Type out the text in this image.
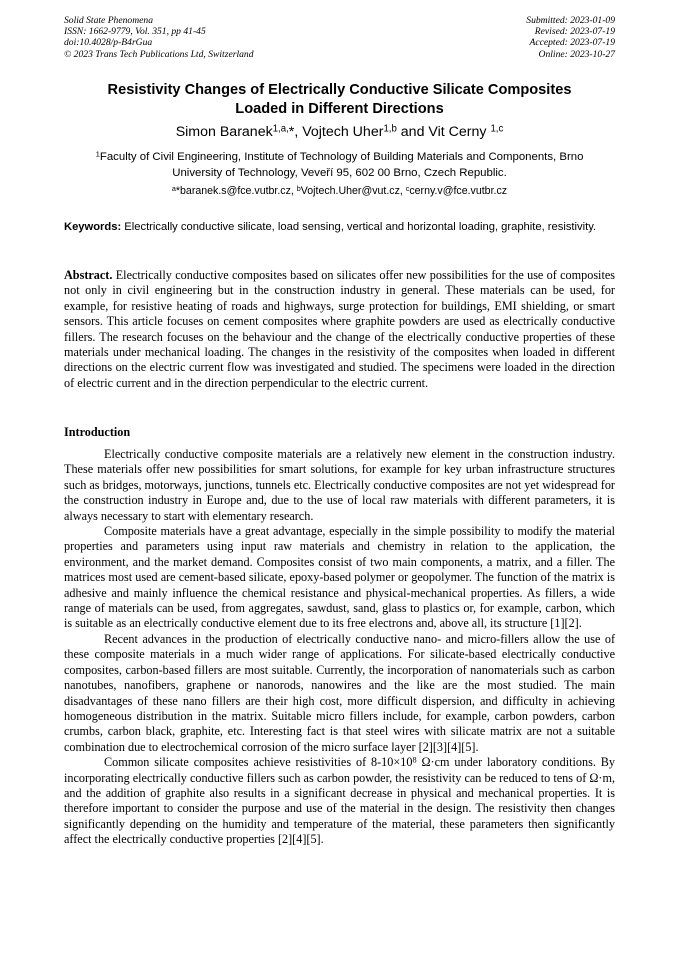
Solid State Phenomena
ISSN: 1662-9779, Vol. 351, pp 41-45
doi:10.4028/p-B4rGua
© 2023 Trans Tech Publications Ltd, Switzerland
Submitted: 2023-01-09
Revised: 2023-07-19
Accepted: 2023-07-19
Online: 2023-10-27
Resistivity Changes of Electrically Conductive Silicate Composites
Loaded in Different Directions
Simon Baranek$^{1,a,}$*, Vojtech Uher$^{1,b}$ and Vit Cerny $^{1,c}$
$^1$Faculty of Civil Engineering, Institute of Technology of Building Materials and Components, Brno
University of Technology, Veveří 95, 602 00 Brno, Czech Republic.
$^a$*baranek.s@fce.vutbr.cz, $^b$Vojtech.Uher@vut.cz, $^c$cerny.v@fce.vutbr.cz
Keywords: Electrically conductive silicate, load sensing, vertical and horizontal loading, graphite, resistivity.
Abstract. Electrically conductive composites based on silicates offer new possibilities for the use of composites not only in civil engineering but in the construction industry in general. These materials can be used, for example, for resistive heating of roads and highways, surge protection for buildings, EMI shielding, or smart sensors. This article focuses on cement composites where graphite powders are used as electrically conductive fillers. The research focuses on the behaviour and the change of the electrically conductive properties of these materials under mechanical loading. The changes in the resistivity of the composites when loaded in different directions on the electric current flow was investigated and studied. The specimens were loaded in the direction of electric current and in the direction perpendicular to the electric current.
Introduction

Electrically conductive composite materials are a relatively new element in the construction industry. These materials offer new possibilities for smart solutions, for example for key urban infrastructure structures such as bridges, motorways, junctions, tunnels etc. Electrically conductive composites are not yet widespread for the construction industry in Europe and, due to the use of local raw materials with different parameters, it is always necessary to start with elementary research.

Composite materials have a great advantage, especially in the simple possibility to modify the material properties and parameters using input raw materials and chemistry in relation to the application, the environment, and the market demand. Composites consist of two main components, a matrix, and a filler. The matrices most used are cement-based silicate, epoxy-based polymer or geopolymer. The function of the matrix is adhesive and mainly influence the chemical resistance and physical-mechanical properties. As fillers, a wide range of materials can be used, from aggregates, sawdust, sand, glass to plastics or, for example, carbon, which is suitable as an electrically conductive element due to its free electrons and, above all, its structure [1][2].

Recent advances in the production of electrically conductive nano- and micro-fillers allow the use of these composite materials in a much wider range of applications. For silicate-based electrically conductive composites, carbon-based fillers are most suitable. Currently, the incorporation of nanomaterials such as carbon nanotubes, nanofibers, graphene or nanorods, nanowires and the like are the most studied. The main disadvantages of these nano fillers are their high cost, more difficult dispersion, and difficulty in achieving homogeneous distribution in the matrix. Suitable micro fillers include, for example, carbon powders, carbon crumbs, carbon black, graphite, etc. Interesting fact is that steel wires with silicate matrix are not a suitable combination due to electrochemical corrosion of the micro surface layer [2][3][4][5].

Common silicate composites achieve resistivities of $8-10\times 10^8$ Ω·cm under laboratory conditions. By incorporating electrically conductive fillers such as carbon powder, the resistivity can be reduced to tens of Ω·m, and the addition of graphite also results in a significant decrease in physical and mechanical properties. It is therefore important to consider the purpose and use of the material in the design. The resistivity then changes significantly depending on the humidity and temperature of the material, these parameters then significantly affect the electrically conductive properties [2][4][5].
